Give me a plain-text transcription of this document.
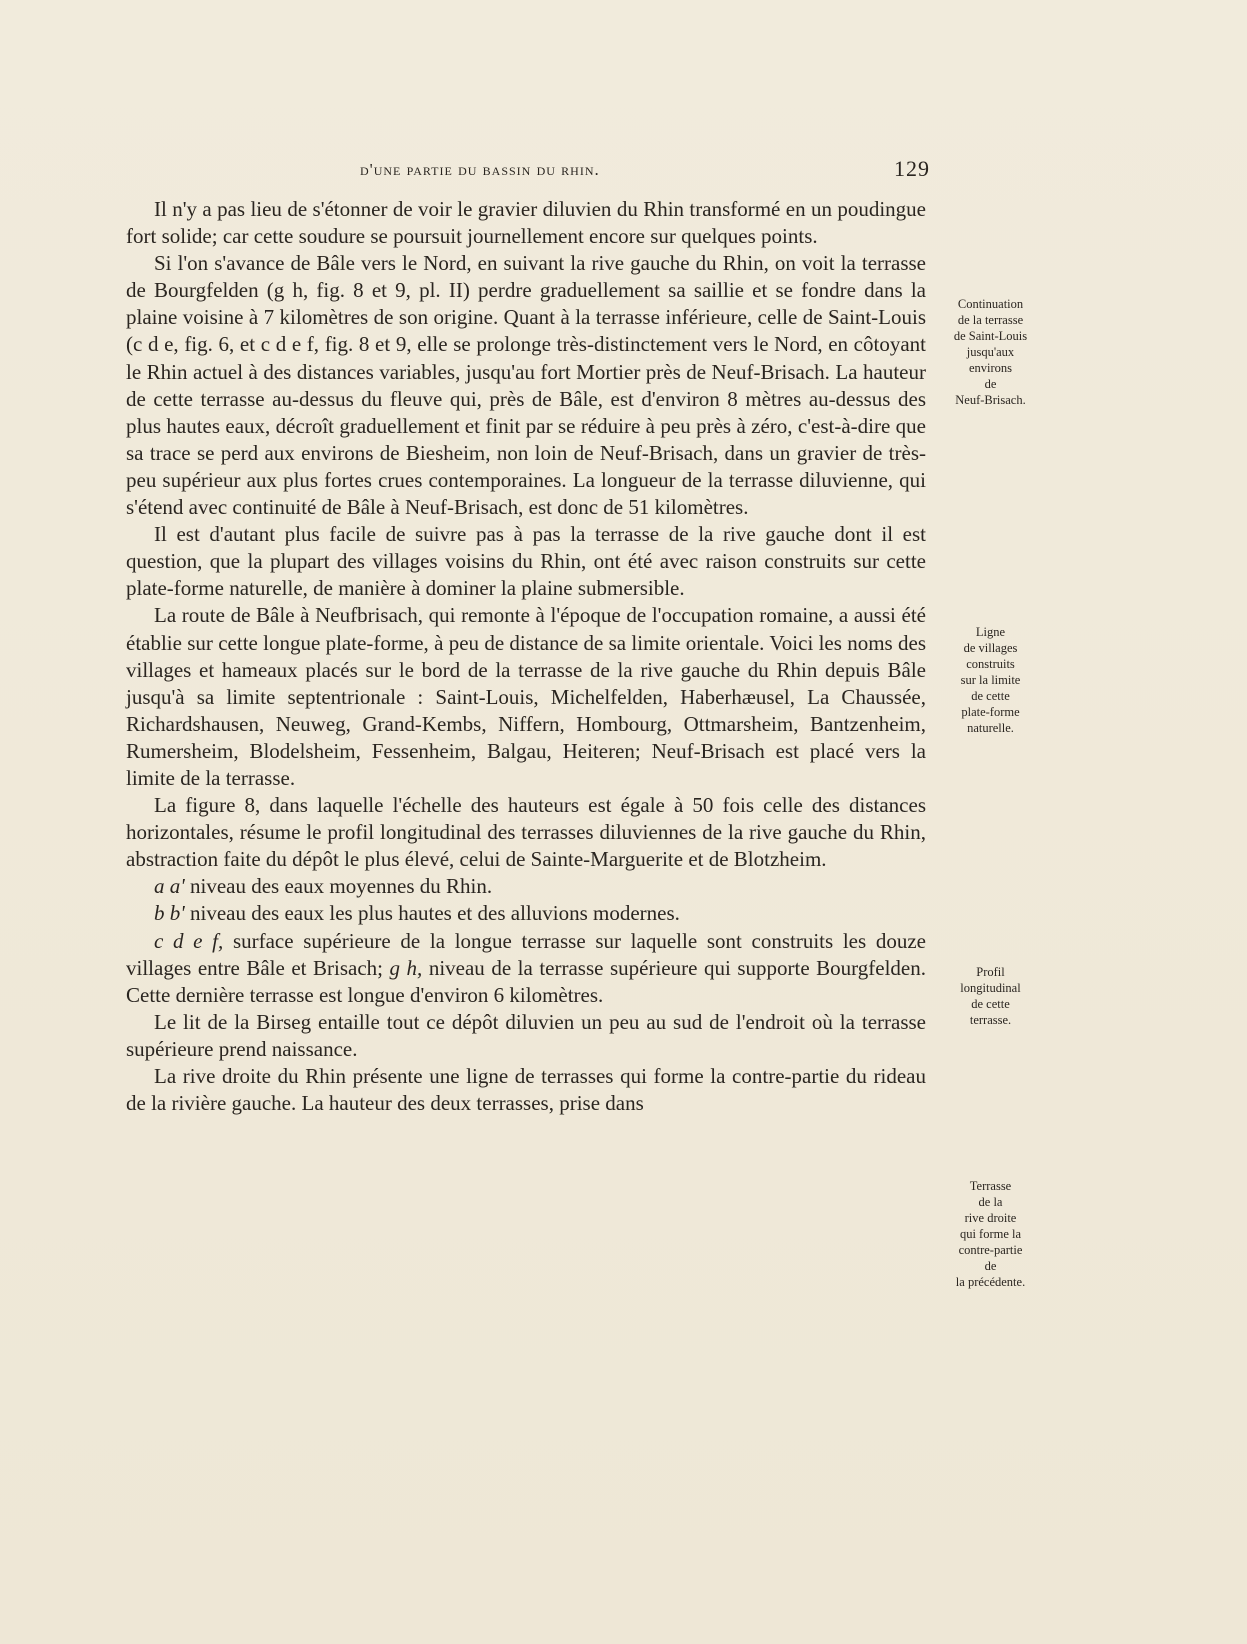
d'une partie du bassin du rhin.	129

Il n'y a pas lieu de s'étonner de voir le gravier diluvien du Rhin transformé en un poudingue fort solide; car cette soudure se poursuit journellement encore sur quelques points.

Si l'on s'avance de Bâle vers le Nord, en suivant la rive gauche du Rhin, on voit la terrasse de Bourgfelden (g h, fig. 8 et 9, pl. II) perdre graduellement sa saillie et se fondre dans la plaine voisine à 7 kilomètres de son origine. Quant à la terrasse inférieure, celle de Saint-Louis (c d e, fig. 6, et c d e f, fig. 8 et 9, elle se prolonge très-distinctement vers le Nord, en côtoyant le Rhin actuel à des distances variables, jusqu'au fort Mortier près de Neuf-Brisach. La hauteur de cette terrasse au-dessus du fleuve qui, près de Bâle, est d'environ 8 mètres au-dessus des plus hautes eaux, décroît graduellement et finit par se réduire à peu près à zéro, c'est-à-dire que sa trace se perd aux environs de Biesheim, non loin de Neuf-Brisach, dans un gravier de très-peu supérieur aux plus fortes crues contemporaines. La longueur de la terrasse diluvienne, qui s'étend avec continuité de Bâle à Neuf-Brisach, est donc de 51 kilomètres.

Il est d'autant plus facile de suivre pas à pas la terrasse de la rive gauche dont il est question, que la plupart des villages voisins du Rhin, ont été avec raison construits sur cette plate-forme naturelle, de manière à dominer la plaine submersible.

La route de Bâle à Neufbrisach, qui remonte à l'époque de l'occupation romaine, a aussi été établie sur cette longue plate-forme, à peu de distance de sa limite orientale. Voici les noms des villages et hameaux placés sur le bord de la terrasse de la rive gauche du Rhin depuis Bâle jusqu'à sa limite septentrionale : Saint-Louis, Michelfelden, Haberhæusel, La Chaussée, Richardshausen, Neuweg, Grand-Kembs, Niffern, Hombourg, Ottmarsheim, Bantzenheim, Rumersheim, Blodelsheim, Fessenheim, Balgau, Heiteren; Neuf-Brisach est placé vers la limite de la terrasse.

La figure 8, dans laquelle l'échelle des hauteurs est égale à 50 fois celle des distances horizontales, résume le profil longitudinal des terrasses diluviennes de la rive gauche du Rhin, abstraction faite du dépôt le plus élevé, celui de Sainte-Marguerite et de Blotzheim.

a a' niveau des eaux moyennes du Rhin.

b b' niveau des eaux les plus hautes et des alluvions modernes.

c d e f, surface supérieure de la longue terrasse sur laquelle sont construits les douze villages entre Bâle et Brisach; g h, niveau de la terrasse supérieure qui supporte Bourgfelden. Cette dernière terrasse est longue d'environ 6 kilomètres.

Le lit de la Birseg entaille tout ce dépôt diluvien un peu au sud de l'endroit où la terrasse supérieure prend naissance.

La rive droite du Rhin présente une ligne de terrasses qui forme la contre-partie du rideau de la rivière gauche. La hauteur des deux terrasses, prise dans

Continuation
de la terrasse
de Saint-Louis
jusqu'aux
environs
de
Neuf-Brisach.
Ligne
de villages
construits
sur la limite
de cette
plate-forme
naturelle.
Profil
longitudinal
de cette
terrasse.
Terrasse
de la
rive droite
qui forme la
contre-partie
de
la précédente.
